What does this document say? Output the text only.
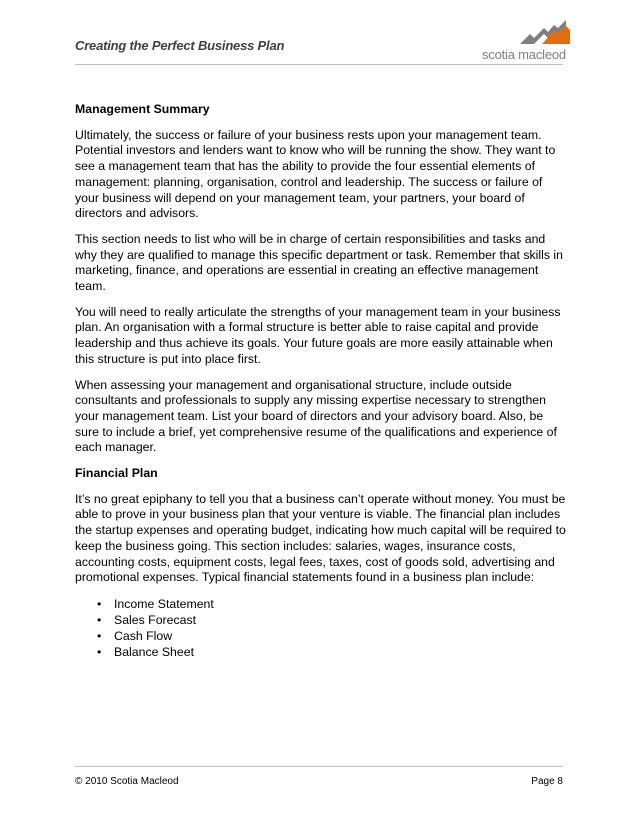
Creating the Perfect Business Plan
scotia macleod
Management Summary

Ultimately, the success or failure of your business rests upon your management team. Potential investors and lenders want to know who will be running the show. They want to see a management team that has the ability to provide the four essential elements of management: planning, organisation, control and leadership. The success or failure of your business will depend on your management team, your partners, your board of directors and advisors.

This section needs to list who will be in charge of certain responsibilities and tasks and why they are qualified to manage this specific department or task. Remember that skills in marketing, finance, and operations are essential in creating an effective management team.

You will need to really articulate the strengths of your management team in your business plan. An organisation with a formal structure is better able to raise capital and provide leadership and thus achieve its goals. Your future goals are more easily attainable when this structure is put into place first.

When assessing your management and organisational structure, include outside consultants and professionals to supply any missing expertise necessary to strengthen your management team. List your board of directors and your advisory board. Also, be sure to include a brief, yet comprehensive resume of the qualifications and experience of each manager.

Financial Plan

It’s no great epiphany to tell you that a business can’t operate without money. You must be able to prove in your business plan that your venture is viable. The financial plan includes the startup expenses and operating budget, indicating how much capital will be required to keep the business going. This section includes: salaries, wages, insurance costs, accounting costs, equipment costs, legal fees, taxes, cost of goods sold, advertising and promotional expenses. Typical financial statements found in a business plan include:

• Income Statement
• Sales Forecast
• Cash Flow
• Balance Sheet
© 2010 Scotia Macleod	Page 8
